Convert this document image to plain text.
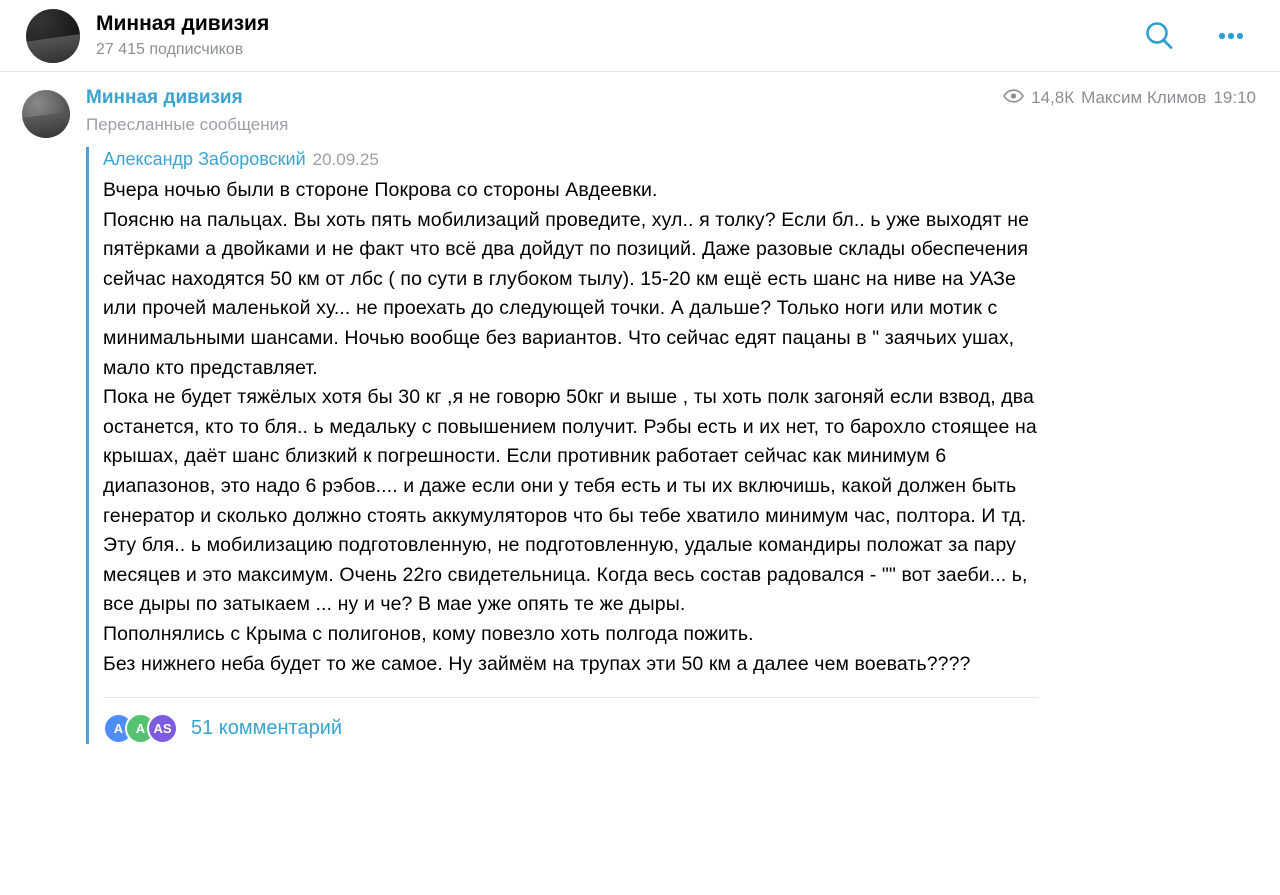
Минная дивизия
27 415 подписчиков
Минная дивизия	14,8К Максим Климов 19:10
Пересланные сообщения
Александр Заборовский 20.09.25

Вчера ночью были в стороне Покрова со стороны Авдеевки.

Поясню на пальцах. Вы хоть пять мобилизаций проведите, хул.. я толку? Если бл.. ь уже выходят не пятёрками а двойками и не факт что всё два дойдут по позиций. Даже разовые склады обеспечения сейчас находятся 50 км от лбс ( по сути в глубоком тылу). 15-20 км ещё есть шанс на ниве на УАЗе или прочей маленькой ху... не проехать до следующей точки. А дальше? Только ноги или мотик с минимальными шансами. Ночью вообще без вариантов. Что сейчас едят пацаны в " заячьих ушах, мало кто представляет.

Пока не будет тяжёлых хотя бы 30 кг ,я не говорю 50кг и выше , ты хоть полк загоняй если взвод, два останется, кто то бля.. ь медальку с повышением получит. Рэбы есть и их нет, то барохло стоящее на крышах, даёт шанс близкий к погрешности. Если противник работает сейчас как минимум 6 диапазонов, это надо 6 рэбов.... и даже если они у тебя есть и ты их включишь, какой должен быть генератор и сколько должно стоять аккумуляторов что бы тебе хватило минимум час, полтора. И тд.

Эту бля.. ь мобилизацию подготовленную, не подготовленную, удалые командиры положат за пару месяцев и это максимум. Очень 22го свидетельница. Когда весь состав радовался - "" вот заеби... ь, все дыры по затыкаем ... ну и че? В мае уже опять те же дыры.

Пополнялись с Крыма с полигонов, кому повезло хоть полгода пожить.

Без нижнего неба будет то же самое. Ну займём на трупах эти 50 км а далее чем воевать????

A A AS 51 комментарий
